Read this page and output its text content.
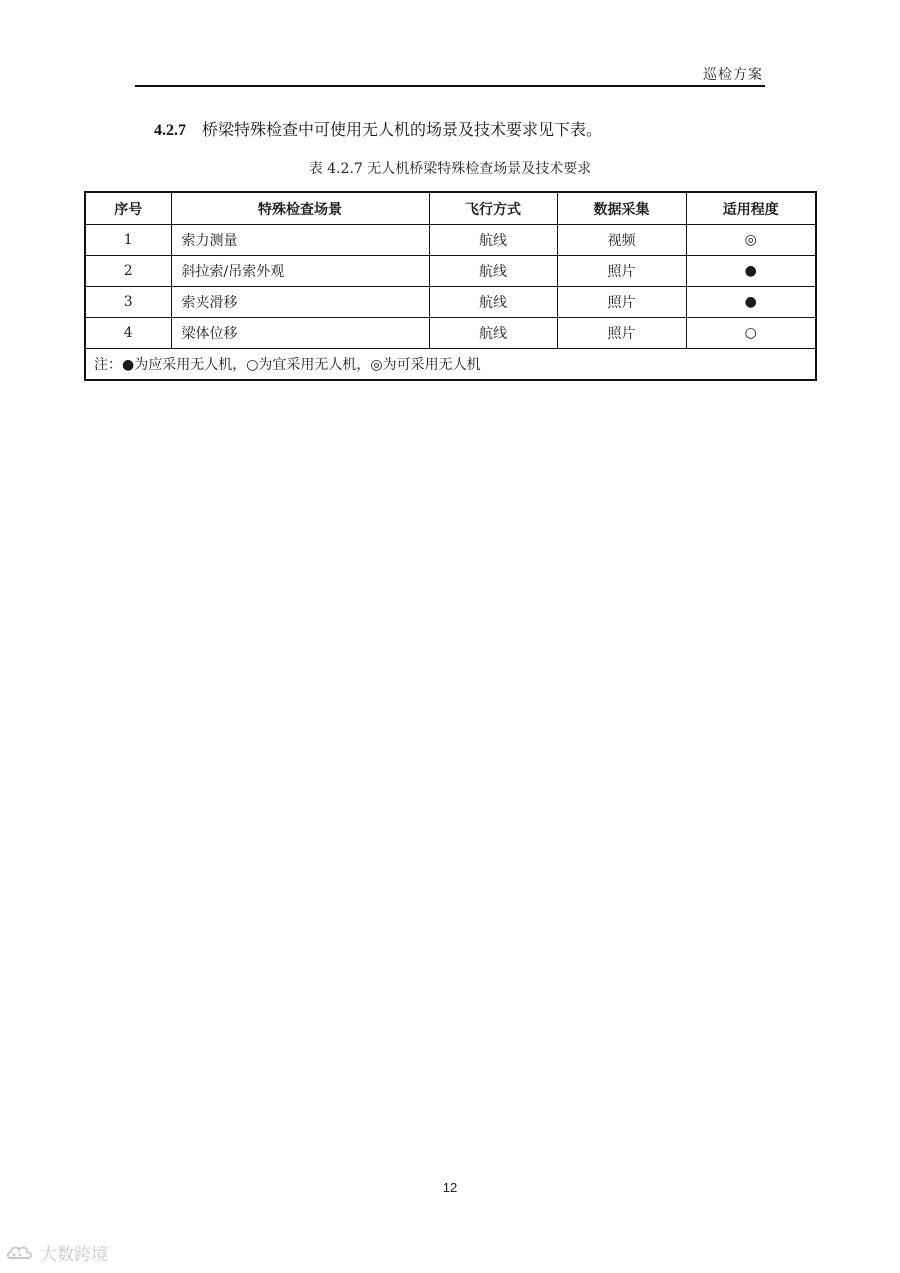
巡检方案
4.2.7 桥梁特殊检查中可使用无人机的场景及技术要求见下表。
表 4.2.7 无人机桥梁特殊检查场景及技术要求
序号	特殊检查场景	飞行方式	数据采集	适用程度
1	索力测量	航线	视频	◎
2	斜拉索/吊索外观	航线	照片	●
3	索夹滑移	航线	照片	●
4	梁体位移	航线	照片	○
注：●为应采用无人机，○为宜采用无人机，◎为可采用无人机				
12
大数跨境
